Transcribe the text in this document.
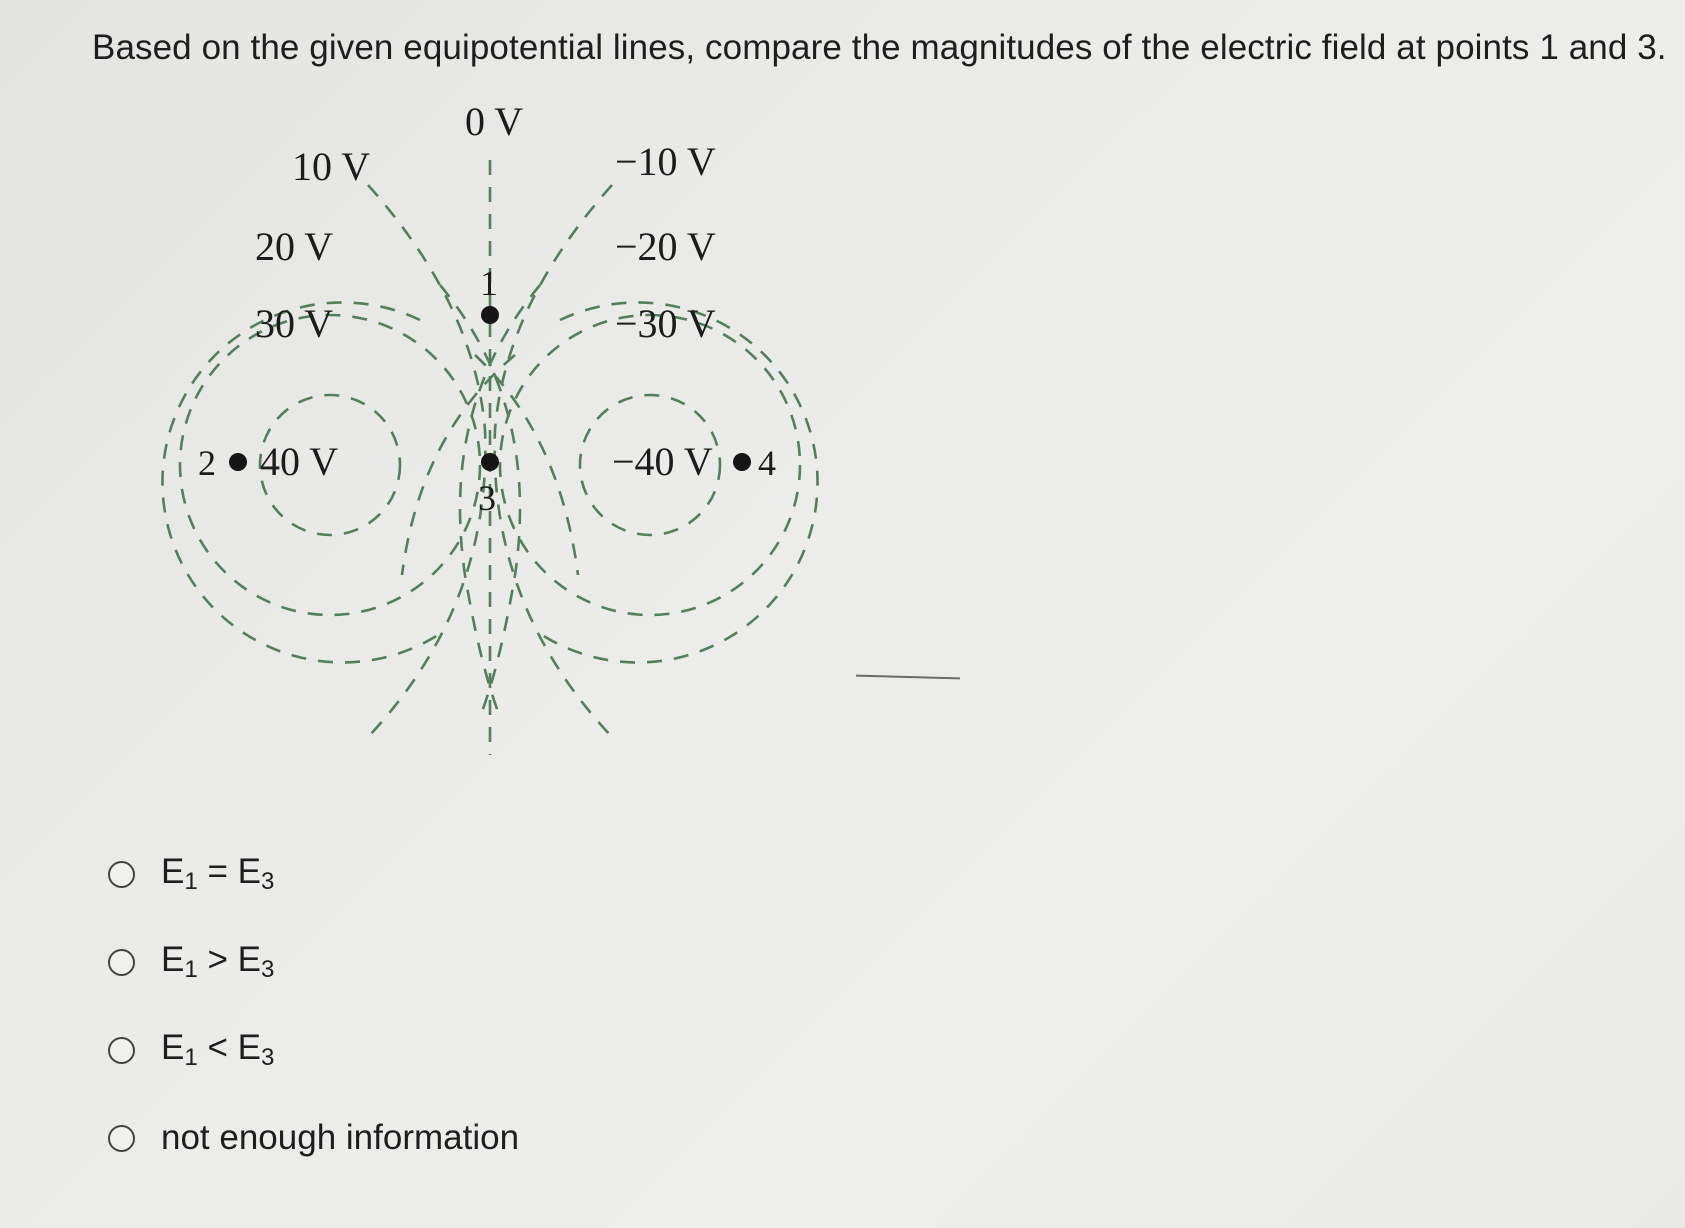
Based on the given equipotential lines, compare the magnitudes of the electric field at points 1 and 3.
0 V
10 V	−10 V
20 V	−20 V
30 V	−30 V
40 V	−40 V
1
2
3
4
$E_1 = E_3$
$E_1 > E_3$
$E_1 < E_3$
not enough information
